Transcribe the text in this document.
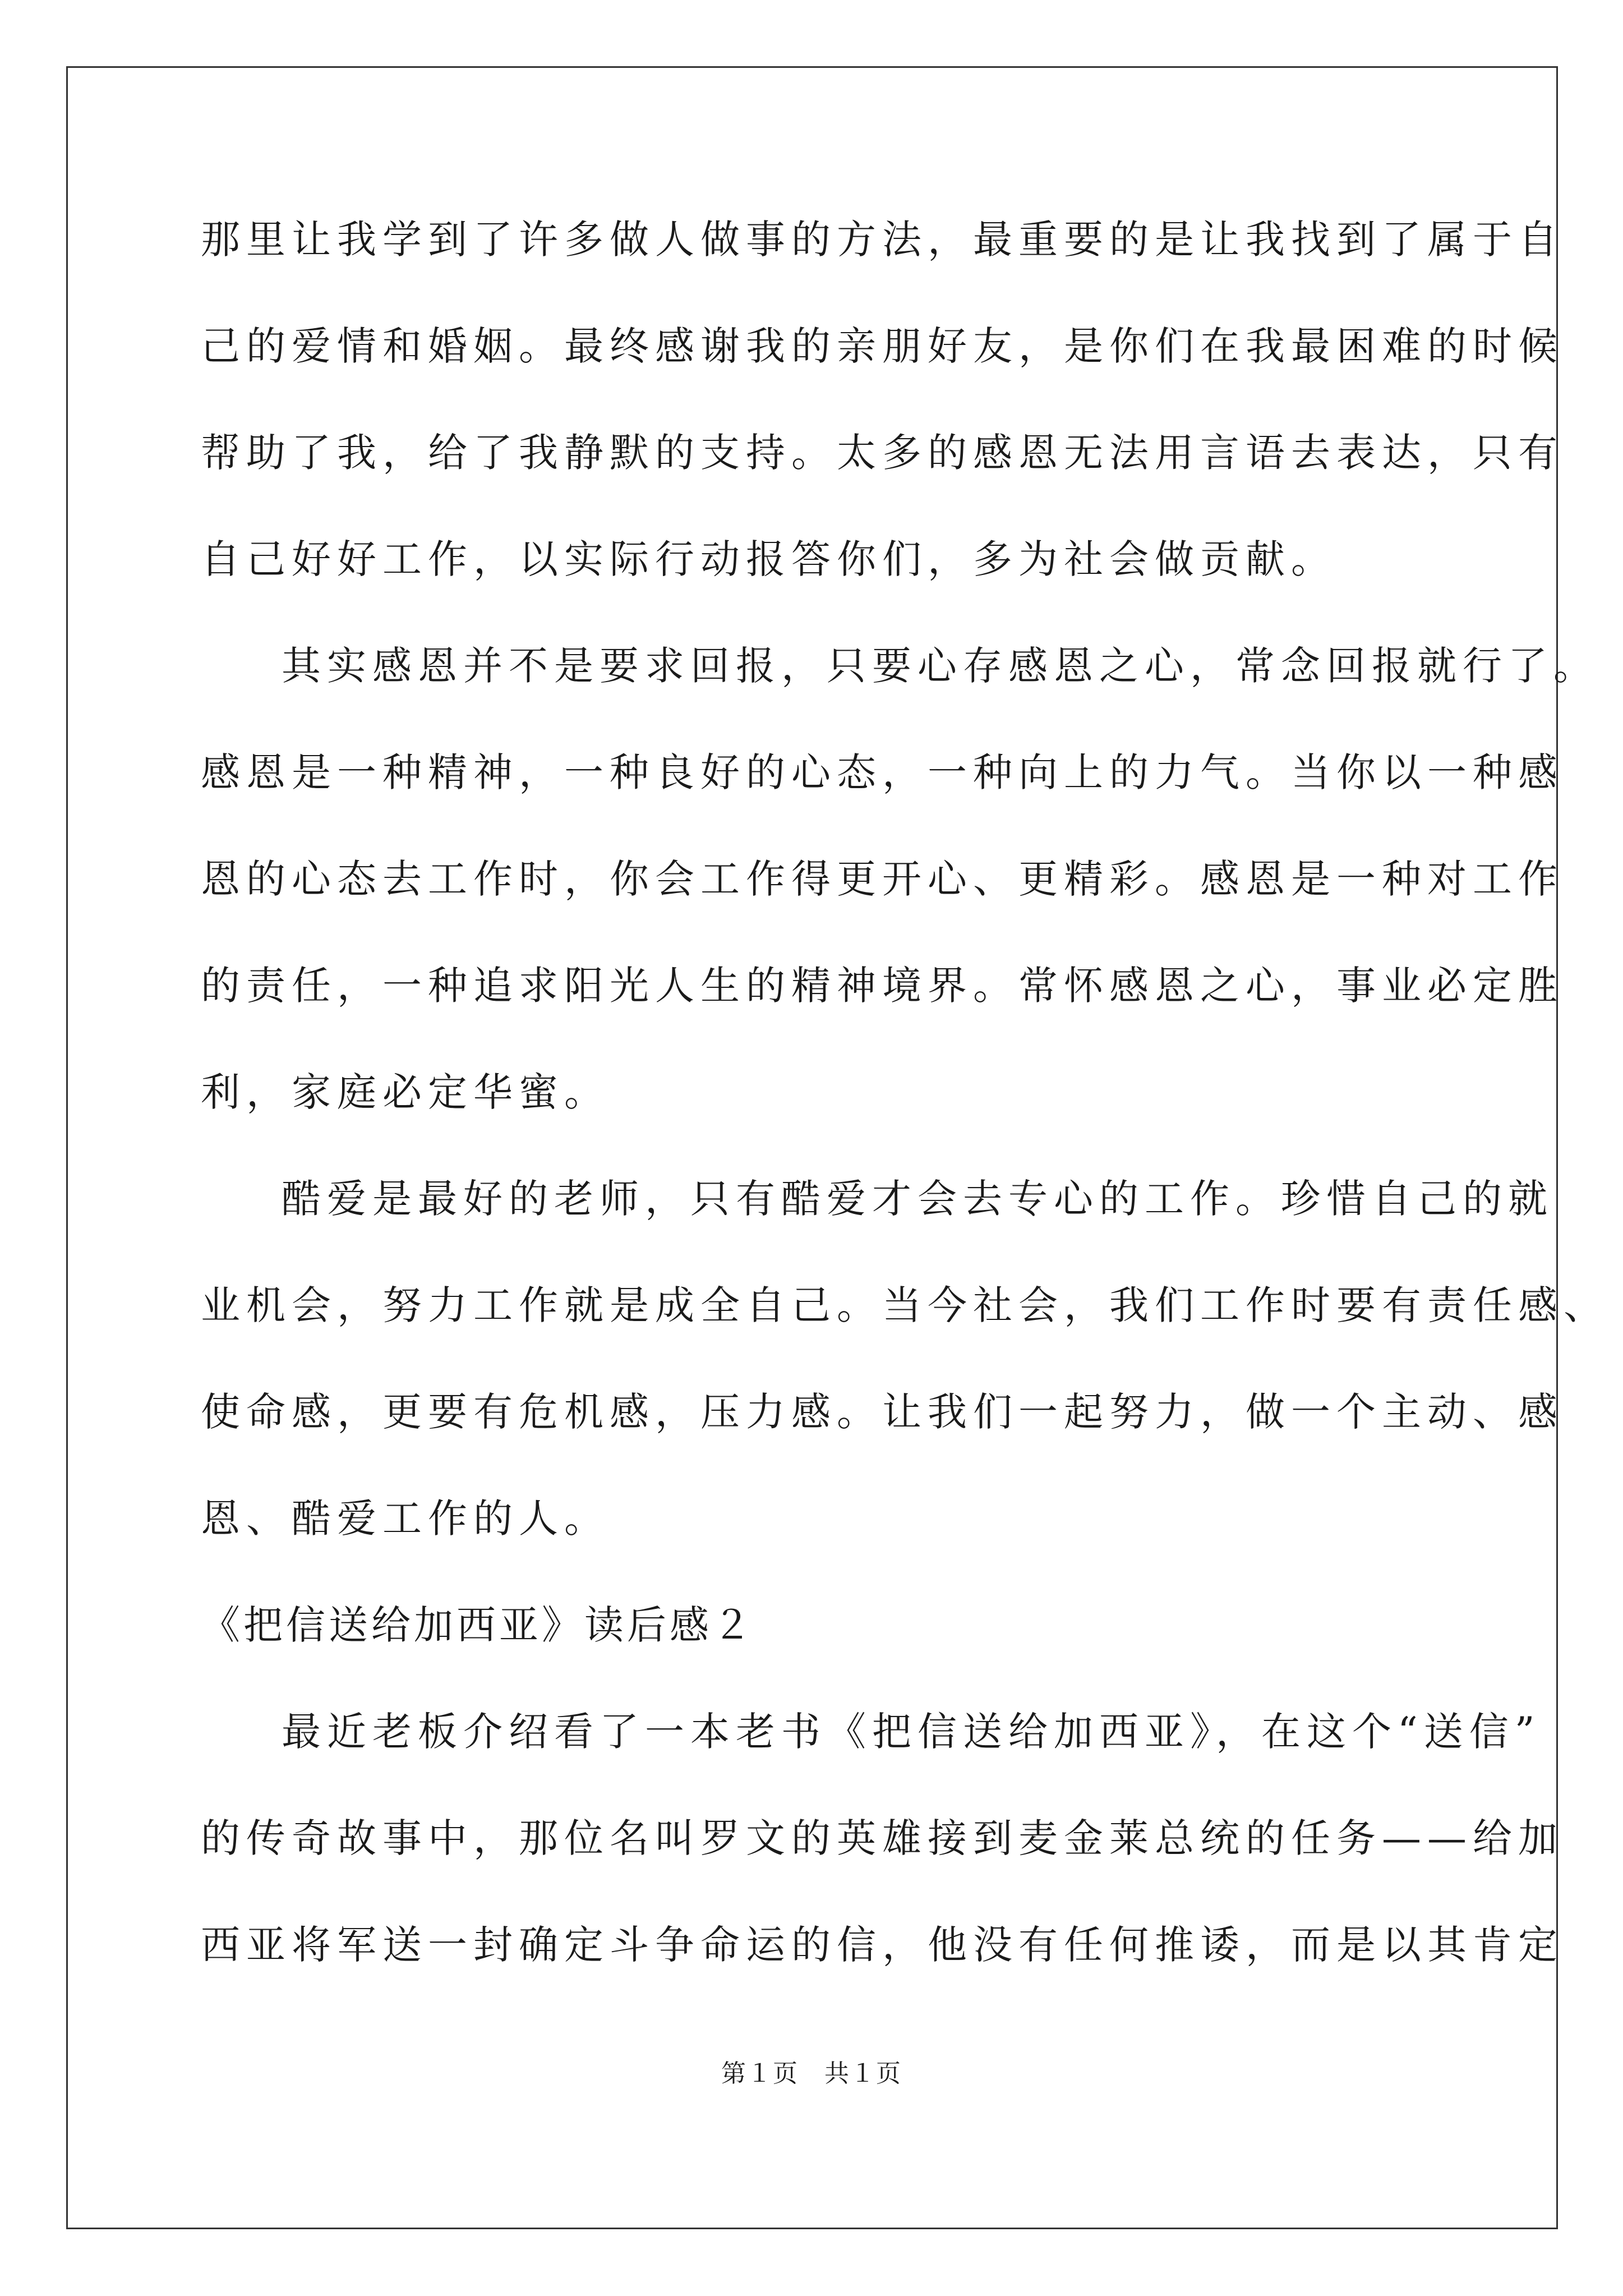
那里让我学到了许多做人做事的方法，最重要的是让我找到了属于自
己的爱情和婚姻。最终感谢我的亲朋好友，是你们在我最困难的时候
帮助了我，给了我静默的支持。太多的感恩无法用言语去表达，只有
自己好好工作，以实际行动报答你们，多为社会做贡献。
其实感恩并不是要求回报，只要心存感恩之心，常念回报就行了。
感恩是一种精神，一种良好的心态，一种向上的力气。当你以一种感
恩的心态去工作时，你会工作得更开心、更精彩。感恩是一种对工作
的责任，一种追求阳光人生的精神境界。常怀感恩之心，事业必定胜
利，家庭必定华蜜。
酷爱是最好的老师，只有酷爱才会去专心的工作。珍惜自己的就
业机会，努力工作就是成全自己。当今社会，我们工作时要有责任感、
使命感，更要有危机感，压力感。让我们一起努力，做一个主动、感
恩、酷爱工作的人。
《把信送给加西亚》读后感２
最近老板介绍看了一本老书《把信送给加西亚》，在这个“送信”
的传奇故事中，那位名叫罗文的英雄接到麦金莱总统的任务——给加
西亚将军送一封确定斗争命运的信，他没有任何推诿，而是以其肯定
第１页　共１页
